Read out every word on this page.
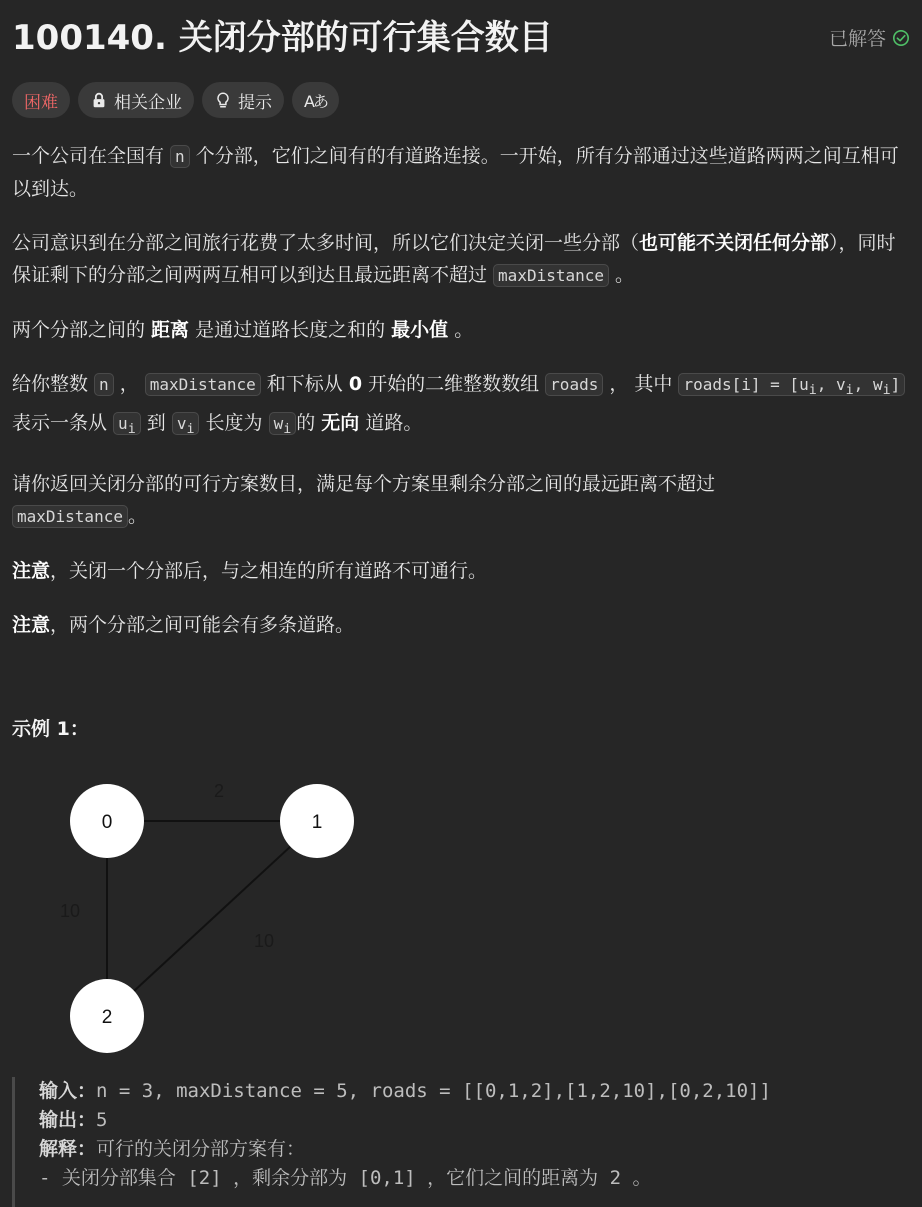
100140. 关闭分部的可行集合数目	已解答
困难	相关企业	提示 Aあ

一个公司在全国有 n 个分部，它们之间有的有道路连接。一开始，所有分部通过这些道路两两之间互相可以到达。

公司意识到在分部之间旅行花费了太多时间，所以它们决定关闭一些分部（也可能不关闭任何分部），同时保证剩下的分部之间两两互相可以到达且最远距离不超过 maxDistance 。

两个分部之间的 距离 是通过道路长度之和的 最小值 。

给你整数 n ， maxDistance 和下标从 0 开始的二维整数数组 roads ， 其中 roads[i] = [$u_i$, $v_i$, $w_i$] 表示一条从 $u_i$ 到 $v_i$ 长度为 $w_i$ 的 无向 道路。

请你返回关闭分部的可行方案数目，满足每个方案里剩余分部之间的最远距离不超过 maxDistance 。

注意，关闭一个分部后，与之相连的所有道路不可通行。

注意，两个分部之间可能会有多条道路。

示例 1：
0	1
2
2
10
10
输入：n = 3, maxDistance = 5, roads = [[0,1,2],[1,2,10],[0,2,10]]
输出：5
解释：可行的关闭分部方案有：
- 关闭分部集合 [2] ，剩余分部为 [0,1] ，它们之间的距离为 2 。
